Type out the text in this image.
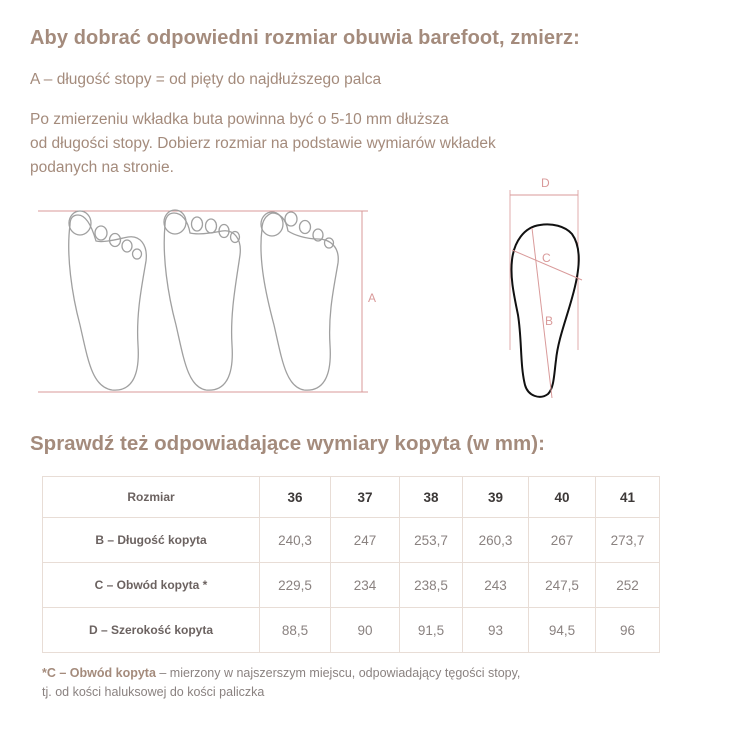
Aby dobrać odpowiedni rozmiar obuwia barefoot, zmierz:

A – długość stopy = od pięty do najdłuższego palca

Po zmierzeniu wkładka buta powinna być o 5-10 mm dłuższa
od długości stopy. Dobierz rozmiar na podstawie wymiarów wkładek
podanych na stronie.
A
D
C
B
Sprawdź też odpowiadające wymiary kopyta (w mm):
Rozmiar	36	37	38	39	40	41
B – Długość kopyta	240,3	247	253,7	260,3	267	273,7
C – Obwód kopyta *	229,5	234	238,5	243	247,5	252
D – Szerokość kopyta	88,5	90	91,5	93	94,5	96
*C – Obwód kopyta – mierzony w najszerszym miejscu, odpowiadający tęgości stopy,
tj. od kości haluksowej do kości paliczka
